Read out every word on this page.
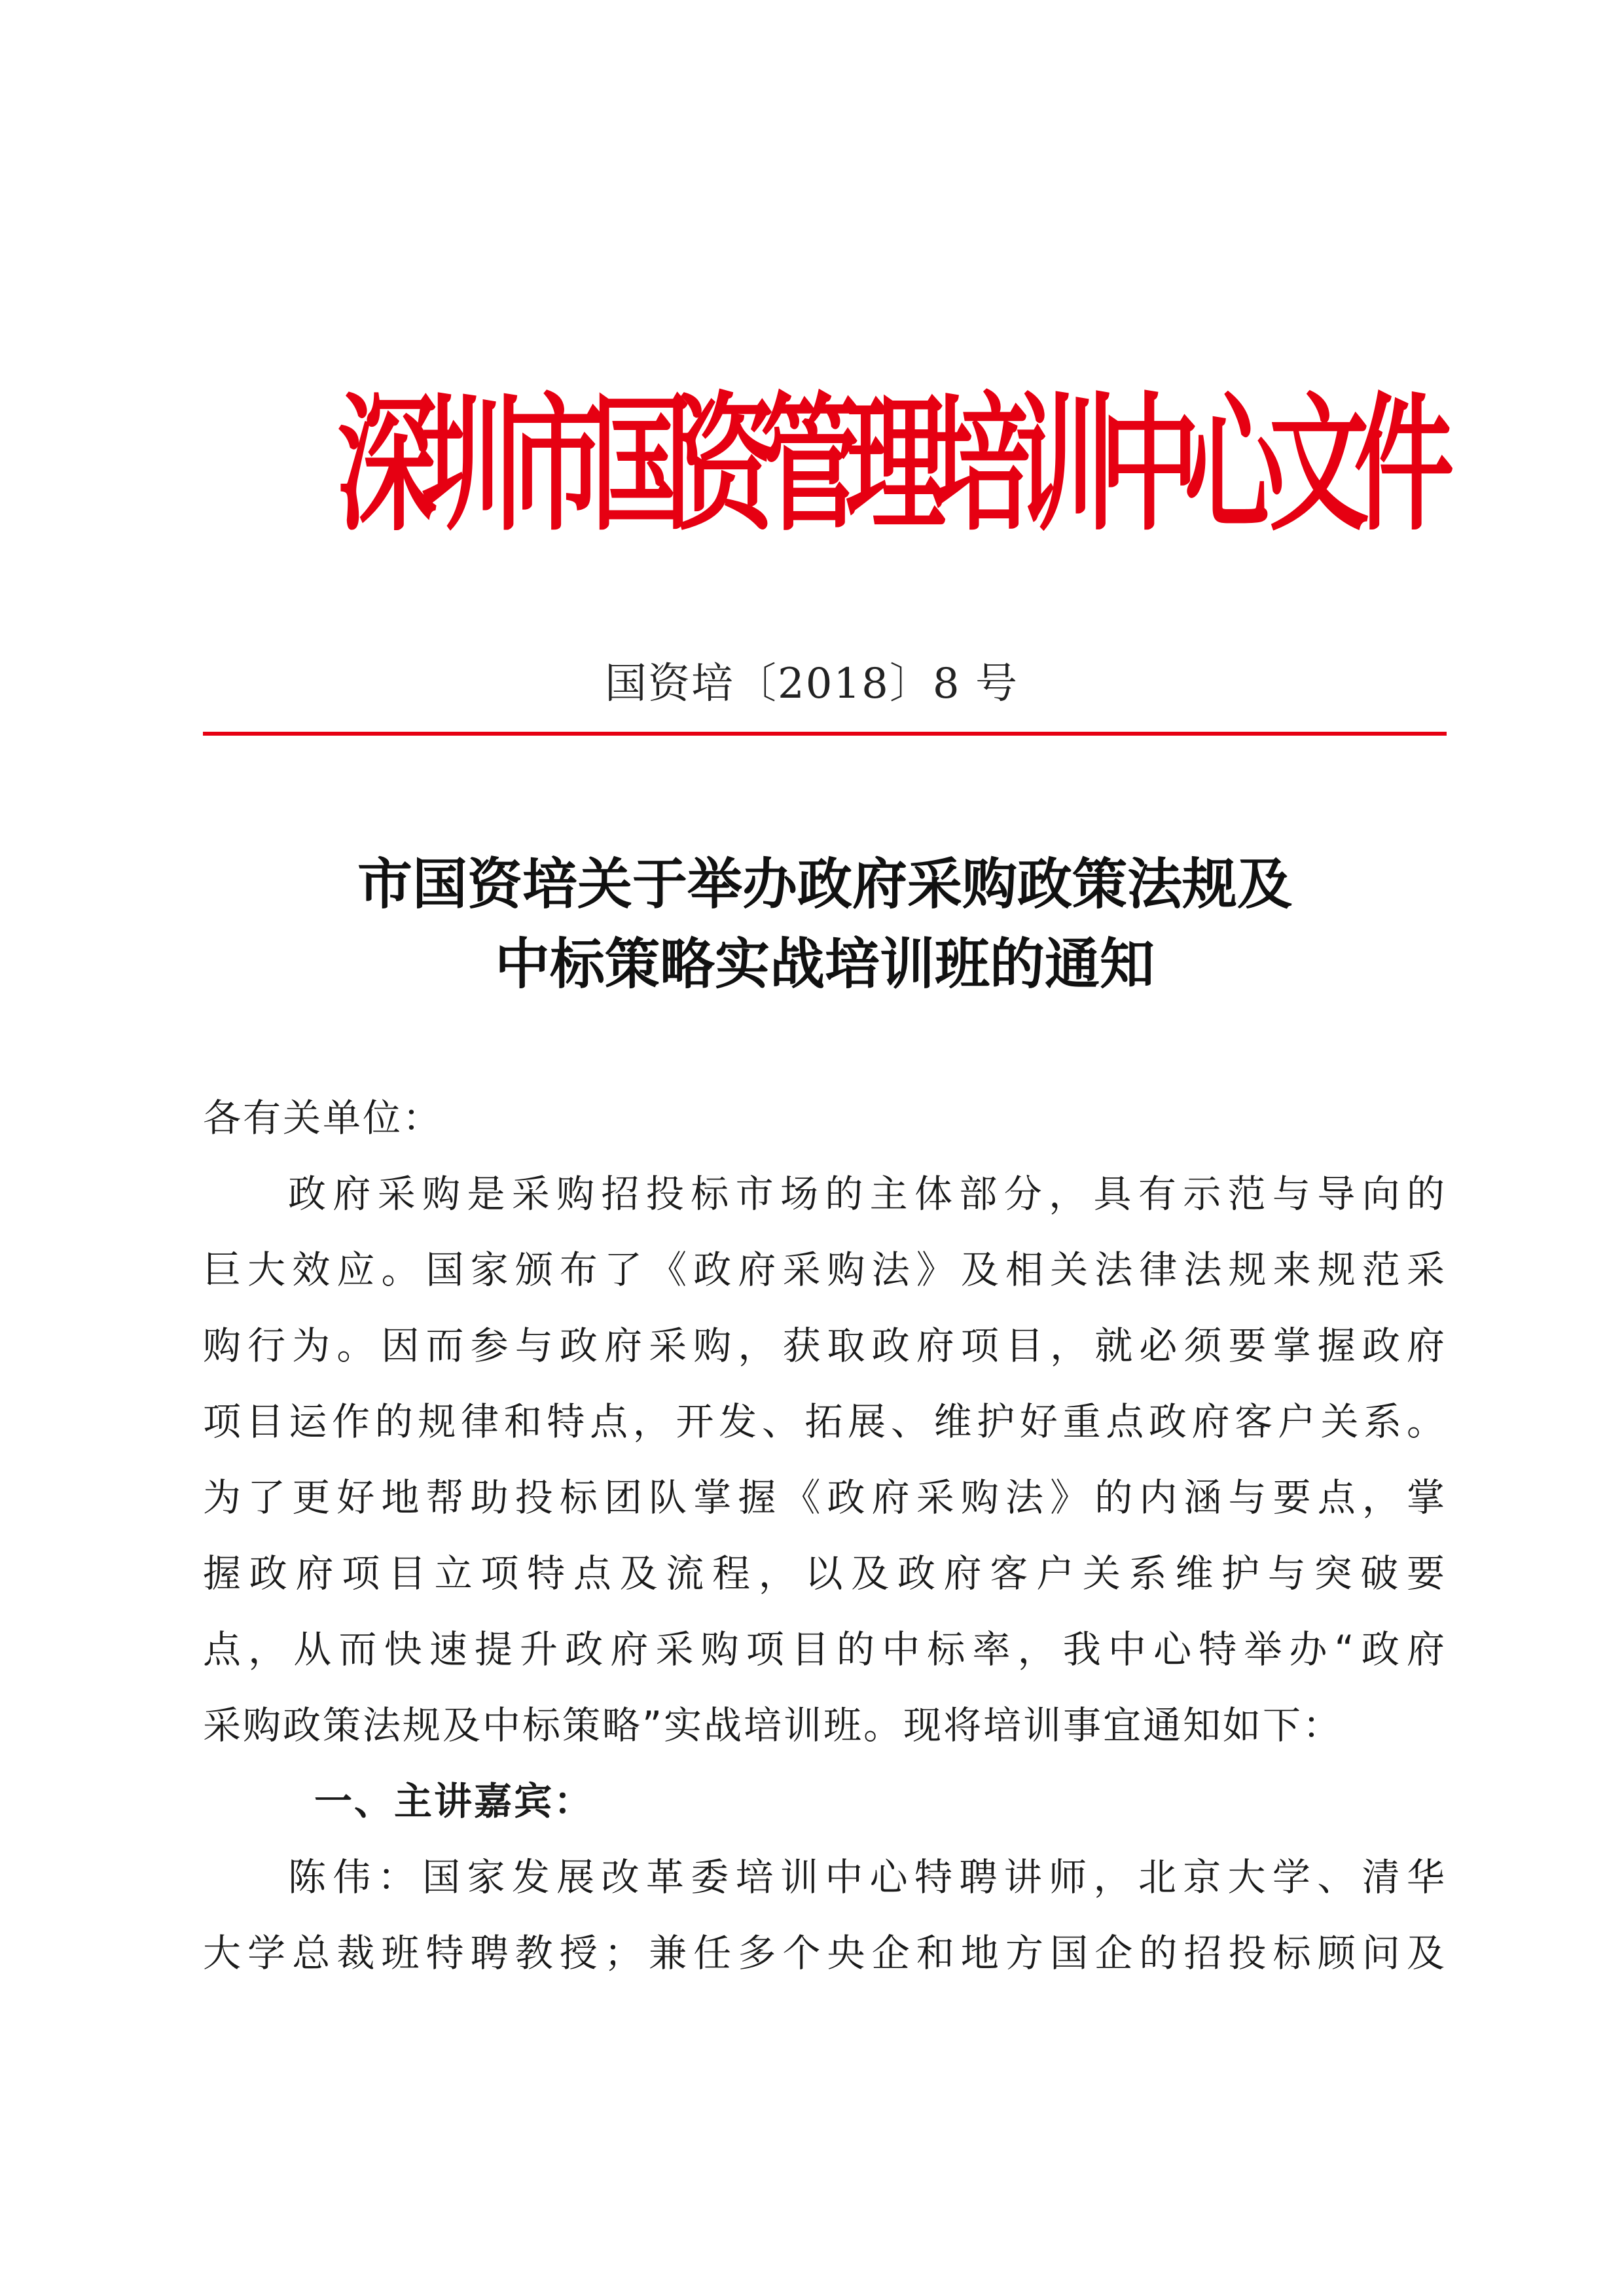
深圳市国资管理培训中心文件
国资培〔2018〕8 号
市国资培关于举办政府采购政策法规及
中标策略实战培训班的通知
各有关单位：
政府采购是采购招投标市场的主体部分，具有示范与导向的
巨大效应。国家颁布了《政府采购法》及相关法律法规来规范采
购行为。因而参与政府采购，获取政府项目，就必须要掌握政府
项目运作的规律和特点，开发、拓展、维护好重点政府客户关系。
为了更好地帮助投标团队掌握《政府采购法》的内涵与要点，掌
握政府项目立项特点及流程，以及政府客户关系维护与突破要
点，从而快速提升政府采购项目的中标率，我中心特举办“政府
采购政策法规及中标策略”实战培训班。现将培训事宜通知如下：
一、主讲嘉宾：
陈伟：国家发展改革委培训中心特聘讲师，北京大学、清华
大学总裁班特聘教授；兼任多个央企和地方国企的招投标顾问及
